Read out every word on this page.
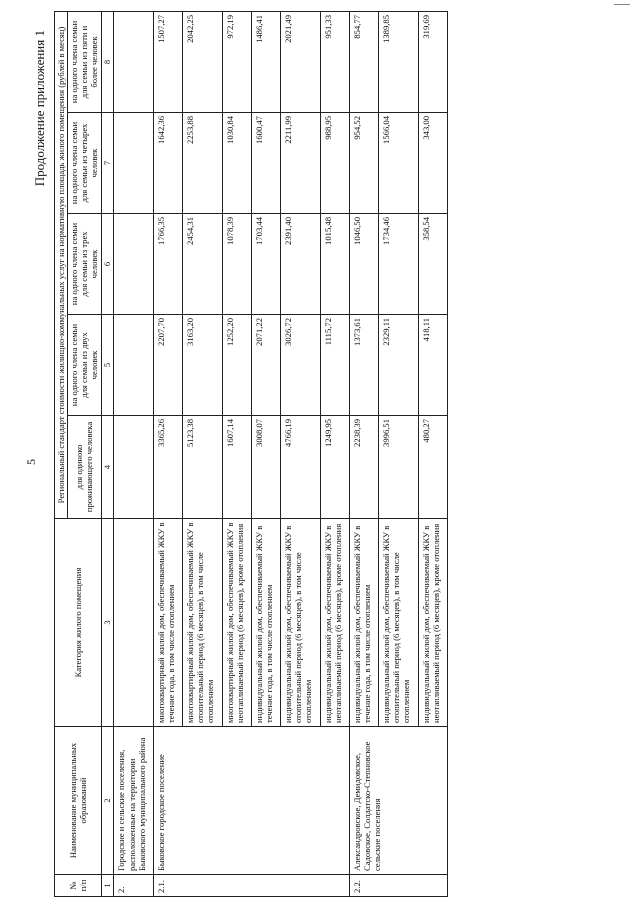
5
Продолжение приложения 1
№ п/п	Наименование муниципальных образований	Категория жилого помещения	Региональный стандарт стоимости жилищно-коммунальных услуг на нормативную площадь жилого помещения (рублей в месяц)				
			для одиноко проживающего человека	на одного члена семьи для семьи из двух человек	на одного члена семьи для семьи из трех человек	на одного члена семьи для семьи из четырех человек	на одного члена семьи для семьи из пяти и более человек
1	2	3	4	5	6	7	8
2.	Городские и сельские поселения, расположенные на территории Быковского муниципального района						
2.1.	Быковское городское поселение	многоквартирный жилой дом, обеспечиваемый ЖКУ в течение года, в том числе отоплением	3365,26	2207,70	1766,35	1642,36	1507,27
		многоквартирный жилой дом, обеспечиваемый ЖКУ в отопительный период (6 месяцев), в том числе отоплением	5123,38	3163,20	2454,31	2253,88	2042,25
		многоквартирный жилой дом, обеспечиваемый ЖКУ в неотапливаемый период (6 месяцев), кроме отопления	1607,14	1252,20	1078,39	1030,84	972,19
		индивидуальный жилой дом, обеспечиваемый ЖКУ в течение года, в том числе отоплением	3008,07	2071,22	1703,44	1600,47	1486,41
		индивидуальный жилой дом, обеспечиваемый ЖКУ в отопительный период (6 месяцев), в том числе отоплением	4766,19	3026,72	2391,40	2211,99	2021,49
		индивидуальный жилой дом, обеспечиваемый ЖКУ в неотапливаемый период (6 месяцев), кроме отопления	1249,95	1115,72	1015,48	988,95	951,33
2.2.	Александровское, Демидовское, Садовское, Солдатско-Степновское сельские поселения	индивидуальный жилой дом, обеспечиваемый ЖКУ в течение года, в том числе отоплением	2238,39	1373,61	1046,50	954,52	854,77
		индивидуальный жилой дом, обеспечиваемый ЖКУ в отопительный период (6 месяцев), в том числе отоплением	3996,51	2329,11	1734,46	1566,04	1389,85
		индивидуальный жилой дом, обеспечиваемый ЖКУ в неотапливаемый период (6 месяцев), кроме отопления	480,27	418,11	358,54	343,00	319,69
